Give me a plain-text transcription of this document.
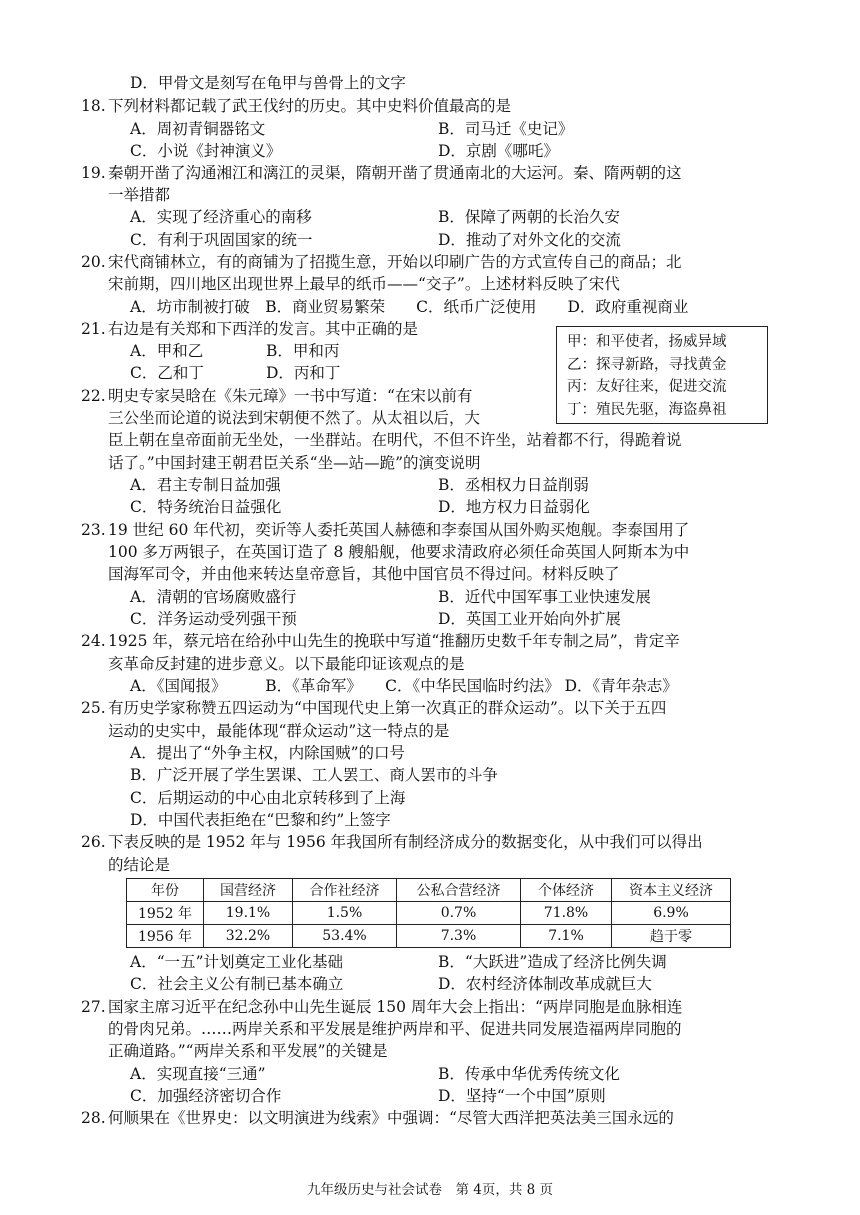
D．甲骨文是刻写在龟甲与兽骨上的文字
18. 下列材料都记载了武王伐纣的历史。其中史料价值最高的是
A．周初青铜器铭文	B．司马迁《史记》
C．小说《封神演义》	D．京剧《哪吒》
19. 秦朝开凿了沟通湘江和漓江的灵渠，隋朝开凿了贯通南北的大运河。秦、隋两朝的这
一举措都
A．实现了经济重心的南移	B．保障了两朝的长治久安
C．有利于巩固国家的统一	D．推动了对外文化的交流
20. 宋代商铺林立，有的商铺为了招揽生意，开始以印刷广告的方式宣传自己的商品；北
宋前期，四川地区出现世界上最早的纸币——“交子”。上述材料反映了宋代
A．坊市制被打破　B．商业贸易繁荣　　C．纸币广泛使用　　D．政府重视商业
21. 右边是有关郑和下西洋的发言。其中正确的是
A．甲和乙	B．甲和丙
C．乙和丁	D．丙和丁
甲：和平使者，扬威异域
乙：探寻新路，寻找黄金
丙：友好往来，促进交流
丁：殖民先驱，海盗鼻祖
22. 明史专家吴晗在《朱元璋》一书中写道：“在宋以前有
三公坐而论道的说法到宋朝便不然了。从太祖以后，大
臣上朝在皇帝面前无坐处，一坐群站。在明代，不但不许坐，站着都不行，得跪着说
话了。”中国封建王朝君臣关系“坐—站—跪”的演变说明
A．君主专制日益加强	B．丞相权力日益削弱
C．特务统治日益强化	D．地方权力日益弱化
23. 19 世纪 60 年代初，奕䜣等人委托英国人赫德和李泰国从国外购买炮舰。李泰国用了
100 多万两银子，在英国订造了 8 艘船舰，他要求清政府必须任命英国人阿斯本为中
国海军司令，并由他来转达皇帝意旨，其他中国官员不得过问。材料反映了
A．清朝的官场腐败盛行	B．近代中国军事工业快速发展
C．洋务运动受列强干预	D．英国工业开始向外扩展
24. 1925 年，蔡元培在给孙中山先生的挽联中写道“推翻历史数千年专制之局”，肯定辛
亥革命反封建的进步意义。以下最能印证该观点的是
A．《国闻报》　　　B．《革命军》　　C．《中华民国临时约法》 D．《青年杂志》
25. 有历史学家称赞五四运动为“中国现代史上第一次真正的群众运动”。以下关于五四
运动的史实中，最能体现“群众运动”这一特点的是
A．提出了“外争主权，内除国贼”的口号
B．广泛开展了学生罢课、工人罢工、商人罢市的斗争
C．后期运动的中心由北京转移到了上海
D．中国代表拒绝在“巴黎和约”上签字
26. 下表反映的是 1952 年与 1956 年我国所有制经济成分的数据变化，从中我们可以得出
的结论是
年份	国营经济	合作社经济	公私合营经济	个体经济	资本主义经济
1952 年	19.1%	1.5%	0.7%	71.8%	6.9%
1956 年	32.2%	53.4%	7.3%	7.1%	趋于零
A．“一五”计划奠定工业化基础	B．“大跃进”造成了经济比例失调
C．社会主义公有制已基本确立	D．农村经济体制改革成就巨大
27. 国家主席习近平在纪念孙中山先生诞辰 150 周年大会上指出：“两岸同胞是血脉相连
的骨肉兄弟。……两岸关系和平发展是维护两岸和平、促进共同发展造福两岸同胞的
正确道路。”“两岸关系和平发展”的关键是
A．实现直接“三通”	B．传承中华优秀传统文化
C．加强经济密切合作	D．坚持“一个中国”原则
28. 何顺果在《世界史：以文明演进为线索》中强调：“尽管大西洋把英法美三国永远的
九年级历史与社会试卷　第 4页，共 8 页
